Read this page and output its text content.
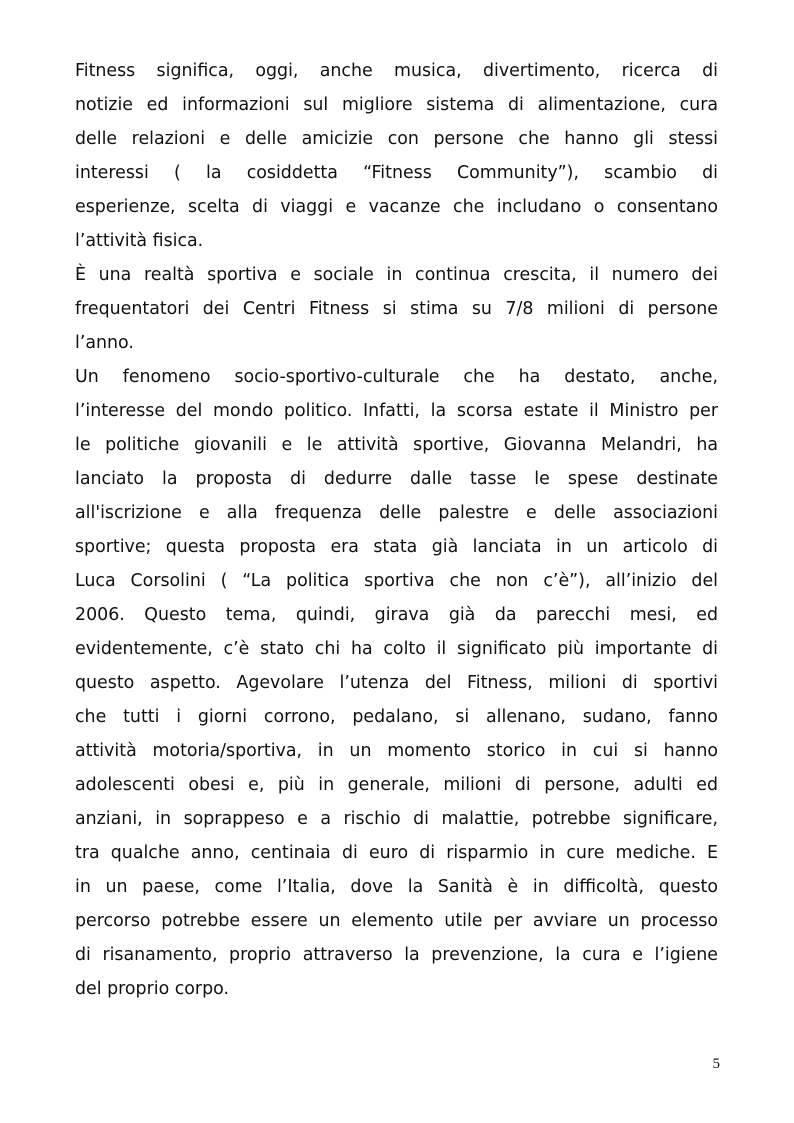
Fitness significa, oggi, anche musica, divertimento, ricerca di
notizie ed informazioni sul migliore sistema di alimentazione, cura
delle relazioni e delle amicizie con persone che hanno gli stessi
interessi ( la cosiddetta “Fitness Community”), scambio di
esperienze, scelta di viaggi e vacanze che includano o consentano
l’attività fisica.
È una realtà sportiva e sociale in continua crescita, il numero dei
frequentatori dei Centri Fitness si stima su 7/8 milioni di persone
l’anno.
Un fenomeno socio-sportivo-culturale che ha destato, anche,
l’interesse del mondo politico. Infatti, la scorsa estate il Ministro per
le politiche giovanili e le attività sportive, Giovanna Melandri, ha
lanciato la proposta di dedurre dalle tasse le spese destinate
all'iscrizione e alla frequenza delle palestre e delle associazioni
sportive; questa proposta era stata già lanciata in un articolo di
Luca Corsolini ( “La politica sportiva che non c’è”), all’inizio del
2006. Questo tema, quindi, girava già da parecchi mesi, ed
evidentemente, c’è stato chi ha colto il significato più importante di
questo aspetto. Agevolare l’utenza del Fitness, milioni di sportivi
che tutti i giorni corrono, pedalano, si allenano, sudano, fanno
attività motoria/sportiva, in un momento storico in cui si hanno
adolescenti obesi e, più in generale, milioni di persone, adulti ed
anziani, in soprappeso e a rischio di malattie, potrebbe significare,
tra qualche anno, centinaia di euro di risparmio in cure mediche. E
in un paese, come l’Italia, dove la Sanità è in difficoltà, questo
percorso potrebbe essere un elemento utile per avviare un processo
di risanamento, proprio attraverso la prevenzione, la cura e l’igiene
del proprio corpo.
5
